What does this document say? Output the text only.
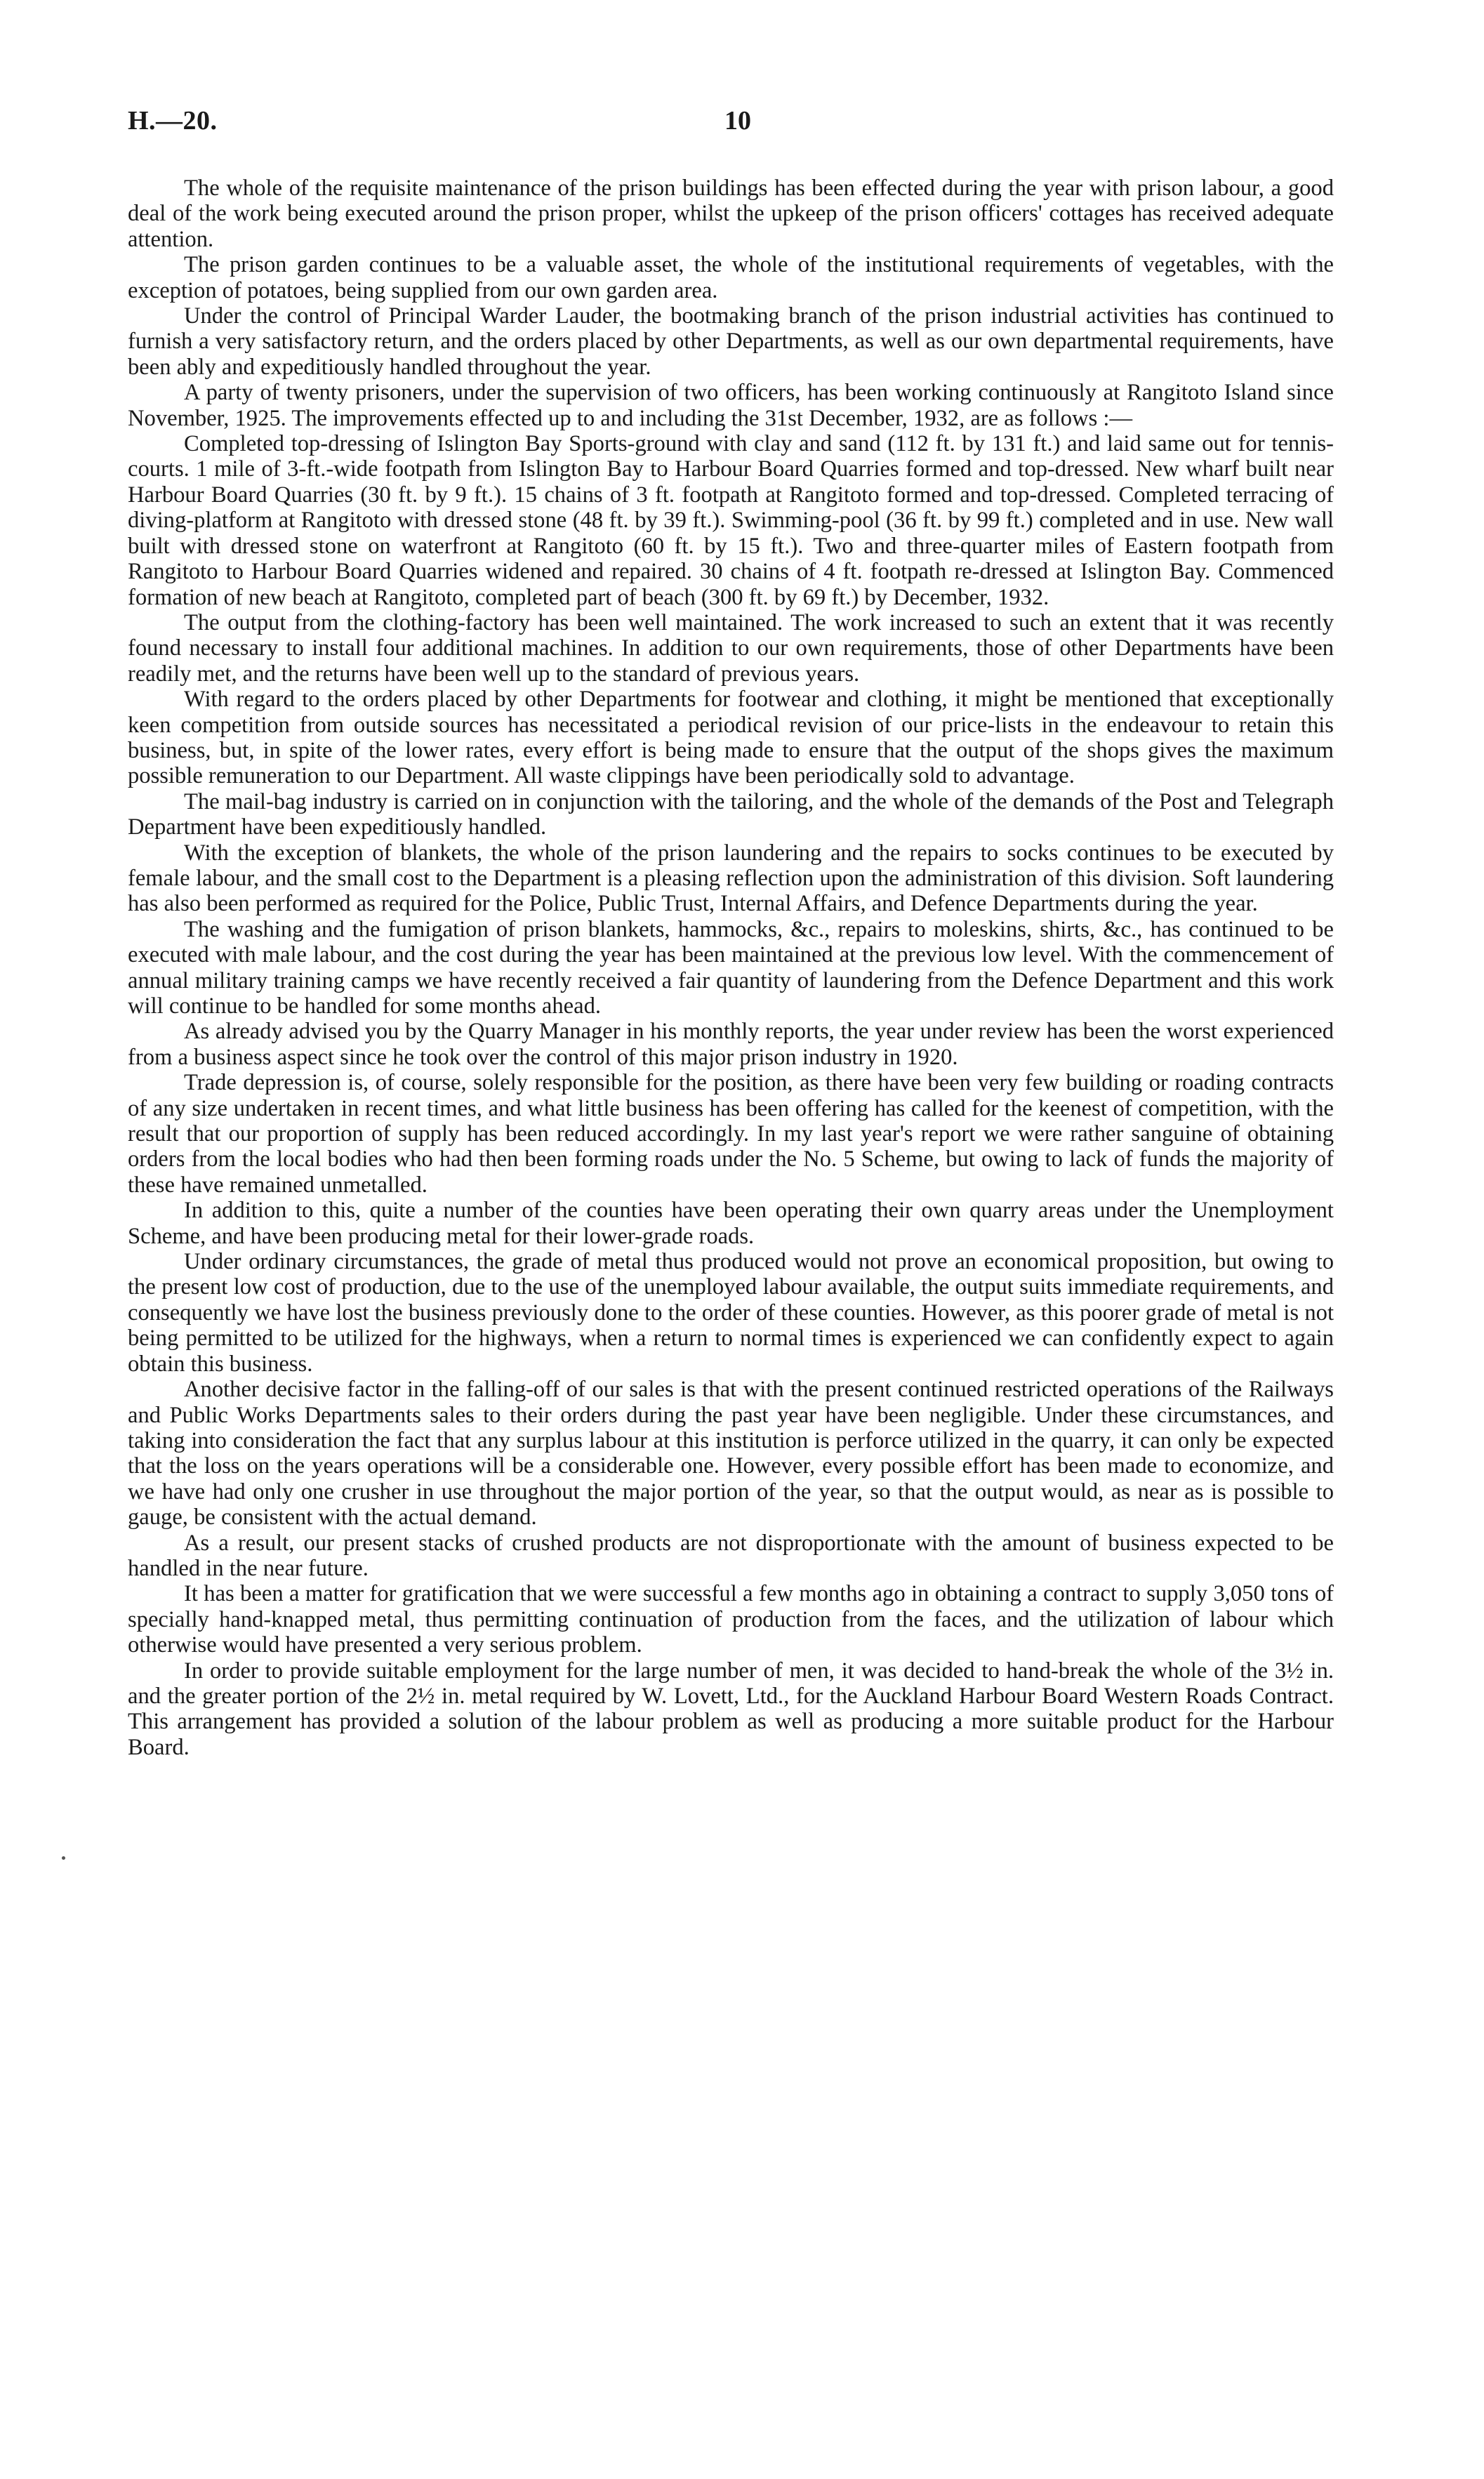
H.—20.	10

The whole of the requisite maintenance of the prison buildings has been effected during the year with prison labour, a good deal of the work being executed around the prison proper, whilst the upkeep of the prison officers' cottages has received adequate attention.

The prison garden continues to be a valuable asset, the whole of the institutional requirements of vegetables, with the exception of potatoes, being supplied from our own garden area.

Under the control of Principal Warder Lauder, the bootmaking branch of the prison industrial activities has continued to furnish a very satisfactory return, and the orders placed by other Departments, as well as our own departmental requirements, have been ably and expeditiously handled throughout the year.

A party of twenty prisoners, under the supervision of two officers, has been working continuously at Rangitoto Island since November, 1925. The improvements effected up to and including the 31st December, 1932, are as follows :—

Completed top-dressing of Islington Bay Sports-ground with clay and sand (112 ft. by 131 ft.) and laid same out for tennis-courts. 1 mile of 3-ft.-wide footpath from Islington Bay to Harbour Board Quarries formed and top-dressed. New wharf built near Harbour Board Quarries (30 ft. by 9 ft.). 15 chains of 3 ft. footpath at Rangitoto formed and top-dressed. Completed terracing of diving-platform at Rangitoto with dressed stone (48 ft. by 39 ft.). Swimming-pool (36 ft. by 99 ft.) completed and in use. New wall built with dressed stone on waterfront at Rangitoto (60 ft. by 15 ft.). Two and three-quarter miles of Eastern footpath from Rangitoto to Harbour Board Quarries widened and repaired. 30 chains of 4 ft. footpath re-dressed at Islington Bay. Commenced formation of new beach at Rangitoto, completed part of beach (300 ft. by 69 ft.) by December, 1932.

The output from the clothing-factory has been well maintained. The work increased to such an extent that it was recently found necessary to install four additional machines. In addition to our own requirements, those of other Departments have been readily met, and the returns have been well up to the standard of previous years.

With regard to the orders placed by other Departments for footwear and clothing, it might be mentioned that exceptionally keen competition from outside sources has necessitated a periodical revision of our price-lists in the endeavour to retain this business, but, in spite of the lower rates, every effort is being made to ensure that the output of the shops gives the maximum possible remuneration to our Department. All waste clippings have been periodically sold to advantage.

The mail-bag industry is carried on in conjunction with the tailoring, and the whole of the demands of the Post and Telegraph Department have been expeditiously handled.

With the exception of blankets, the whole of the prison laundering and the repairs to socks continues to be executed by female labour, and the small cost to the Department is a pleasing reflection upon the administration of this division. Soft laundering has also been performed as required for the Police, Public Trust, Internal Affairs, and Defence Departments during the year.

The washing and the fumigation of prison blankets, hammocks, &c., repairs to moleskins, shirts, &c., has continued to be executed with male labour, and the cost during the year has been maintained at the previous low level. With the commencement of annual military training camps we have recently received a fair quantity of laundering from the Defence Department and this work will continue to be handled for some months ahead.

As already advised you by the Quarry Manager in his monthly reports, the year under review has been the worst experienced from a business aspect since he took over the control of this major prison industry in 1920.

Trade depression is, of course, solely responsible for the position, as there have been very few building or roading contracts of any size undertaken in recent times, and what little business has been offering has called for the keenest of competition, with the result that our proportion of supply has been reduced accordingly. In my last year's report we were rather sanguine of obtaining orders from the local bodies who had then been forming roads under the No. 5 Scheme, but owing to lack of funds the majority of these have remained unmetalled.

In addition to this, quite a number of the counties have been operating their own quarry areas under the Unemployment Scheme, and have been producing metal for their lower-grade roads.

Under ordinary circumstances, the grade of metal thus produced would not prove an economical proposition, but owing to the present low cost of production, due to the use of the unemployed labour available, the output suits immediate requirements, and consequently we have lost the business previously done to the order of these counties. However, as this poorer grade of metal is not being permitted to be utilized for the highways, when a return to normal times is experienced we can confidently expect to again obtain this business.

Another decisive factor in the falling-off of our sales is that with the present continued restricted operations of the Railways and Public Works Departments sales to their orders during the past year have been negligible. Under these circumstances, and taking into consideration the fact that any surplus labour at this institution is perforce utilized in the quarry, it can only be expected that the loss on the years operations will be a considerable one. However, every possible effort has been made to economize, and we have had only one crusher in use throughout the major portion of the year, so that the output would, as near as is possible to gauge, be consistent with the actual demand.

As a result, our present stacks of crushed products are not disproportionate with the amount of business expected to be handled in the near future.

It has been a matter for gratification that we were successful a few months ago in obtaining a contract to supply 3,050 tons of specially hand-knapped metal, thus permitting continuation of production from the faces, and the utilization of labour which otherwise would have presented a very serious problem.

In order to provide suitable employment for the large number of men, it was decided to hand-break the whole of the 3½ in. and the greater portion of the 2½ in. metal required by W. Lovett, Ltd., for the Auckland Harbour Board Western Roads Contract. This arrangement has provided a solution of the labour problem as well as producing a more suitable product for the Harbour Board.
